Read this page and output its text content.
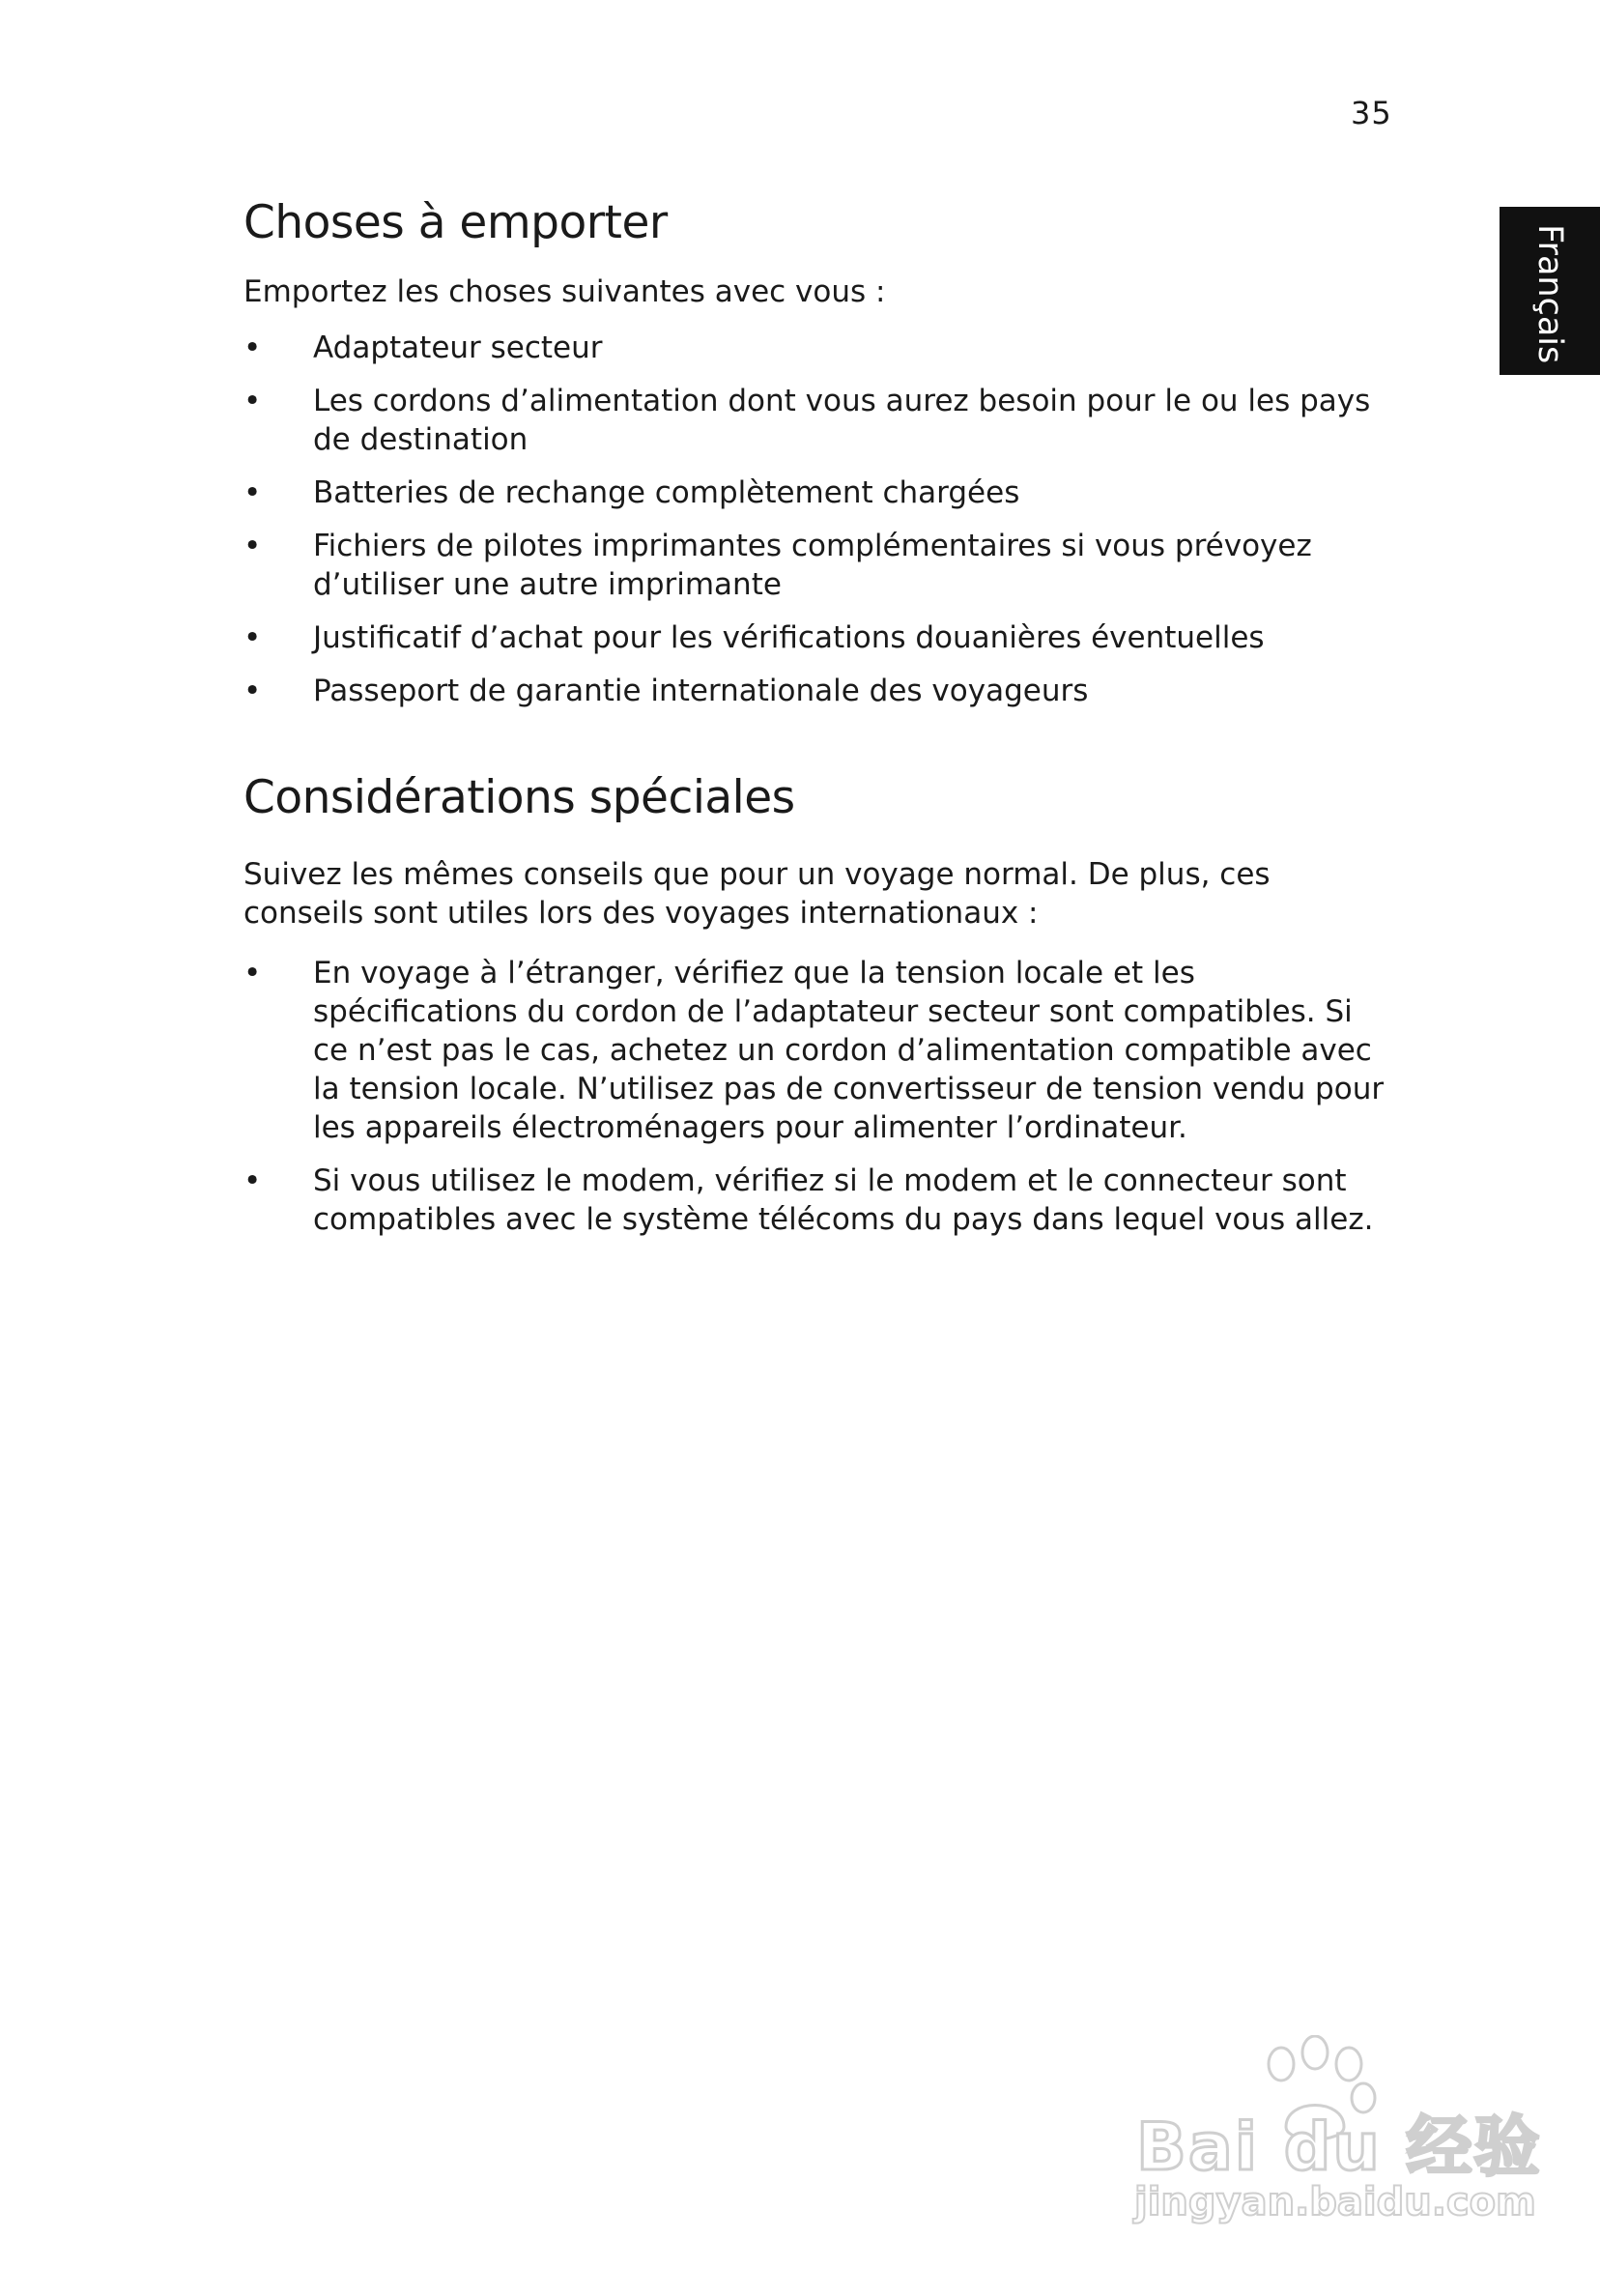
35
Français
Choses à emporter

Emportez les choses suivantes avec vous :

• Adaptateur secteur
• Les cordons d’alimentation dont vous aurez besoin pour le ou les pays de destination
• Batteries de rechange complètement chargées
• Fichiers de pilotes imprimantes complémentaires si vous prévoyez d’utiliser une autre imprimante
• Justificatif d’achat pour les vérifications douanières éventuelles
• Passeport de garantie internationale des voyageurs
Considérations spéciales

Suivez les mêmes conseils que pour un voyage normal. De plus, ces conseils sont utiles lors des voyages internationaux :

• En voyage à l’étranger, vérifiez que la tension locale et les spécifications du cordon de l’adaptateur secteur sont compatibles. Si ce n’est pas le cas, achetez un cordon d’alimentation compatible avec la tension locale. N’utilisez pas de convertisseur de tension vendu pour les appareils électroménagers pour alimenter l’ordinateur.
• Si vous utilisez le modem, vérifiez si le modem et le connecteur sont compatibles avec le système télécoms du pays dans lequel vous allez.
Bai du 经验
jingyan.baidu.com
